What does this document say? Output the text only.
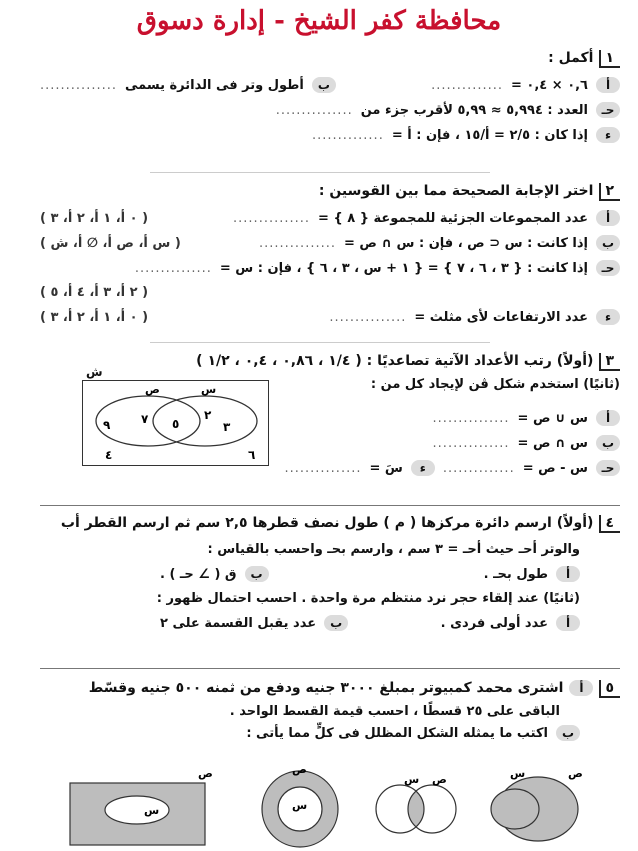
محافظة كفر الشيخ - إدارة دسوق
١
أكمل :
أ
٠,٦ × ٠,٤ =
..............
ب
أطول وتر فى الدائرة يسمى
...............
حـ
العدد : ٥,٩٩٤ ≈ ٥,٩٩ لأقرب جزء من
...............
ء
إذا كان : ٢/٥ = أ/١٥ ، فإن : أ =
..............
٢
اختر الإجابة الصحيحة مما بين القوسين :
أ
عدد المجموعات الجزئية للمجموعة { ٨ } =
...............
( ٠ أ، ١ أ، ٢ أ، ٣ )
ب
إذا كانت : س ⊂ ص ، فإن : س ∩ ص =
...............
( س أ، ص أ، ∅ أ، ش )
حـ
إذا كانت : { ٣ ، ٦ ، ٧ } = { ١ + س ، ٣ ، ٦ } ، فإن : س =
...............
( ٢ أ، ٣ أ، ٤ أ، ٥ )
ء
عدد الارتفاعات لأى مثلث =
...............
( ٠ أ، ١ أ، ٢ أ، ٣ )
٣
(أولاً) رتب الأعداد الآتية تصاعديًا : ( ١/٤ ، ٠,٨٦ ، ٠,٤ ، ١/٢ )
(ثانيًا) استخدم شكل ڤن لإيجاد كل من :
أ
س ∪ ص =
...............
ب
س ∩ ص =
...............
حـ
س - ص =
..............
ء
سَ =
...............
ص	س
٩	٧ ٥
٢
٣
٤	٦
ش
٤
(أولاً) ارسم دائرة مركزها ( م ) طول نصف قطرها ٢,٥ سم ثم ارسم القطر أب
والوتر أحـ حيث أحـ = ٣ سم ، وارسم بحـ واحسب بالقياس :
أ
طول بحـ .
ب
ق ( ∠ حـ ) .
(ثانيًا) عند إلقاء حجر نرد منتظم مرة واحدة . احسب احتمال ظهور :
أ
عدد أولى فردى .
ب
عدد يقبل القسمة على ٢
٥
أ
اشترى محمد كمبيوتر بمبلغ ٣٠٠٠ جنيه ودفع من ثمنه ٥٠٠ جنيه وقسّط
الباقى على ٢٥ قسطًا ، احسب قيمة القسط الواحد .
ب
اكتب ما يمثله الشكل المظلل فى كلٍّ مما يأتى :
س
ص
س
ص
س ص	س	ص
